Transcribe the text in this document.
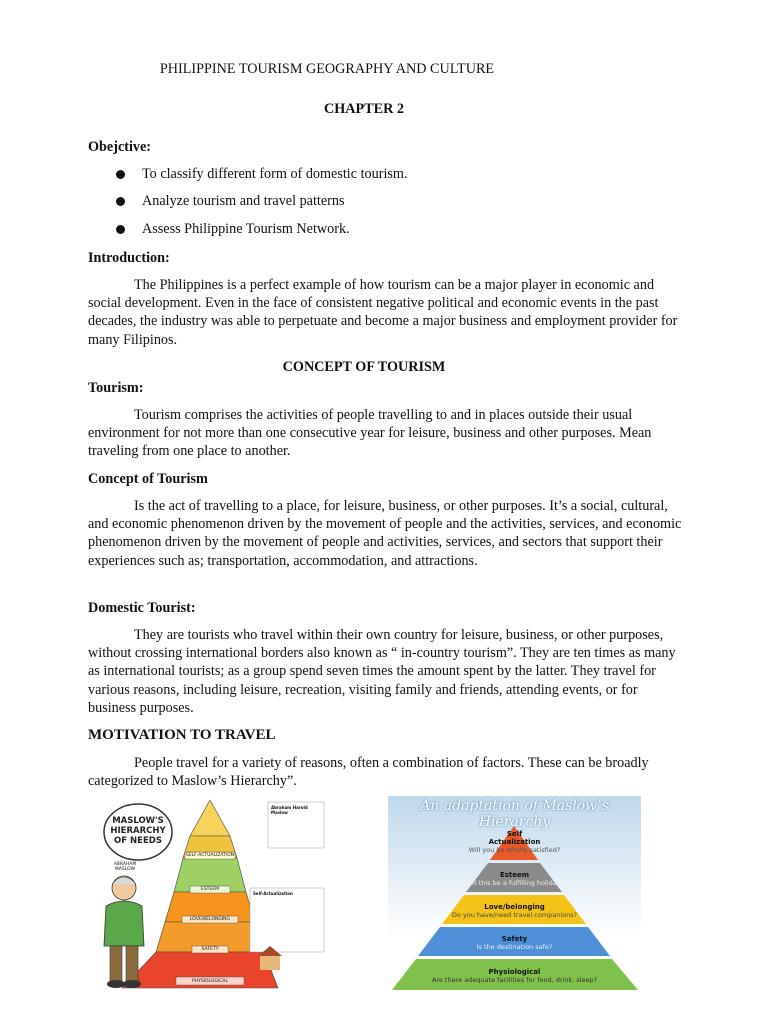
PHILIPPINE TOURISM GEOGRAPHY AND CULTURE
CHAPTER 2
Obejctive:
To classify different form of domestic tourism.
Analyze tourism and travel patterns
Assess Philippine Tourism Network.
Introduction:
The Philippines is a perfect example of how tourism can be a major player in economic and social development. Even in the face of consistent negative political and economic events in the past decades, the industry was able to perpetuate and become a major business and employment provider for many Filipinos.
CONCEPT OF TOURISM
Tourism:
Tourism comprises the activities of people travelling to and in places outside their usual environment for not more than one consecutive year for leisure, business and other purposes. Mean traveling from one place to another.
Concept of Tourism
Is the act of travelling to a place, for leisure, business, or other purposes. It’s a social, cultural, and economic phenomenon driven by the movement of people and the activities, services, and economic phenomenon driven by the movement of people and activities, services, and sectors that support their experiences such as; transportation, accommodation, and attractions.
Domestic Tourist:
They are tourists who travel within their own country for leisure, business, or other purposes, without crossing international borders also known as “ in-country tourism”. They are ten times as many as international tourists; as a group spend seven times the amount spent by the latter. They travel for various reasons, including leisure, recreation, visiting family and friends, attending events, or for business purposes.
MOTIVATION TO TRAVEL
People travel for a variety of reasons, often a combination of factors. These can be broadly categorized to Maslow’s Hierarchy”.
MASLOW'S
HIERARCHY
OF NEEDS
ABRAHAM
MASLOW
SELF-ACTUALIZATION
ESTEEM
LOVE/BELONGING
SAFETY
PHYSIOLOGICAL
Abraham Harold Maslow
Self-Actualization
An adaptation of Maslow’s Hierarchy
Self Actualization
Will you be wholly satisfied?
Esteem
Will this be a fulfilling holiday?
Love/belonging
Do you have/need travel companions?
Safety
Is the destination safe?
Physiological
Are there adequate facilities for food, drink, sleep?
